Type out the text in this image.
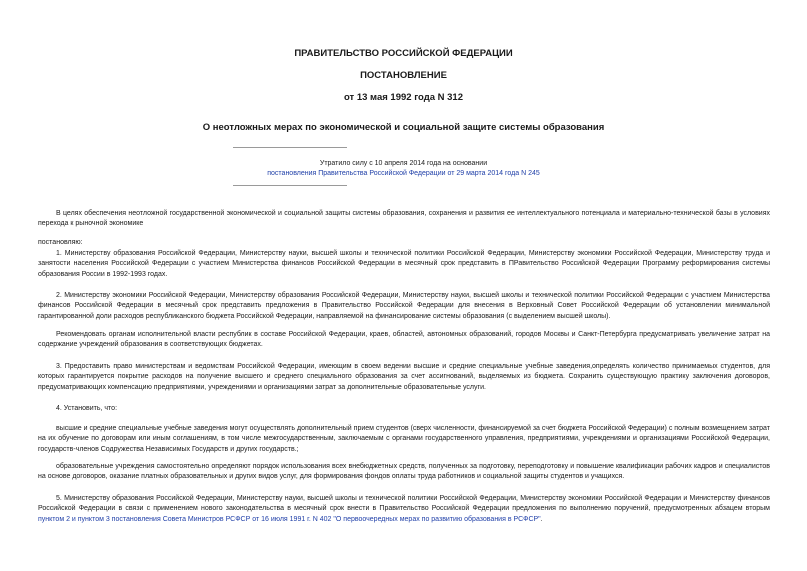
ПРАВИТЕЛЬСТВО РОССИЙСКОЙ ФЕДЕРАЦИИ
ПОСТАНОВЛЕНИЕ
от 13 мая 1992 года N 312
О неотложных мерах по экономической и социальной защите системы образования
Утратило силу с 10 апреля 2014 года на основании
постановления Правительства Российской Федерации от 29 марта 2014 года N 245
В целях обеспечения неотложной государственной экономической и социальной защиты системы образования, сохранения и развития ее интеллектуального потенциала и материально-технической базы в условиях перехода к рыночной экономике
постановляю:
1. Министерству образования Российской Федерации, Министерству науки, высшей школы и технической политики Российской Федерации, Министерству экономики Российской Федерации, Министерству труда и занятости населения Российской Федерации с участием Министерства финансов Российской Федерации в месячный срок представить в ПРавительство Российской Федерации Программу реформирования системы образования России в 1992-1993 годах.
2. Министерству экономики Российской Федерации, Министерству образования Российской Федерации, Министерству науки, высшей школы и технической политики Российской Федерации с участием Министерства финансов Российской Федерации в месячный срок представить предложения в Правительство Российской Федерации для внесения в Верховный Совет Российской Федерации об установлении минимальной гарантированной доли расходов республиканского бюджета Российской Федерации, направляемой на финансирование системы образования (с выделением высшей школы).
Рекомендовать органам исполнительной власти республик в составе Российской Федерации, краев, областей, автономных образований, городов Москвы и Санкт-Петербурга предусматривать увеличение затрат на содержание учреждений образования в соответствующих бюджетах.
3. Предоставить право министерствам и ведомствам Российской Федерации, имеющим в своем ведении высшие и средние специальные учебные заведения,определять количество принимаемых студентов, для которых гарантируется покрытие расходов на получение высшего и среднего специального образования за счет ассигнований, выделяемых из бюджета. Сохранить существующую практику заключения договоров, предусматривающих компенсацию предприятиями, учреждениями и организациями затрат за дополнительные образовательные услуги.
4. Установить, что:
высшие и средние специальные учебные заведения могут осуществлять дополнительный прием студентов (сверх численности, финансируемой за счет бюджета Российской Федерации) с полным возмещением затрат на их обучение по договорам или иным соглашениям, в том числе межгосударственным, заключаемым с органами государственного управления, предприятиями, учреждениями и организациями Российской Федерации, государств-членов Содружества Независимых Государств и других государств.;
образовательные учреждения самостоятельно определяют порядок использования всех внебюджетных средств, полученных за подготовку, переподготовку и повышение квалификации рабочих кадров и специалистов на основе договоров, оказание платных образовательных и других видов услуг, для формирования фондов оплаты труда работников и социальной защиты студентов и учащихся.
5. Министерству образования Российской Федерации, Министерству науки, высшей школы и технической политики Российской Федерации, Министерству экономики Российской Федерации и Министерству финансов Российской Федерации в связи с применением нового законодательства в месячный срок внести в Правительство Российской Федерации предложения по выполнению поручений, предусмотренных абзацем вторым пунктом 2 и пунктом 3 постановления Совета Министров РСФСР от 16 июля 1991 г. N 402 "О первоочередных мерах по развитию образования в РСФСР".
